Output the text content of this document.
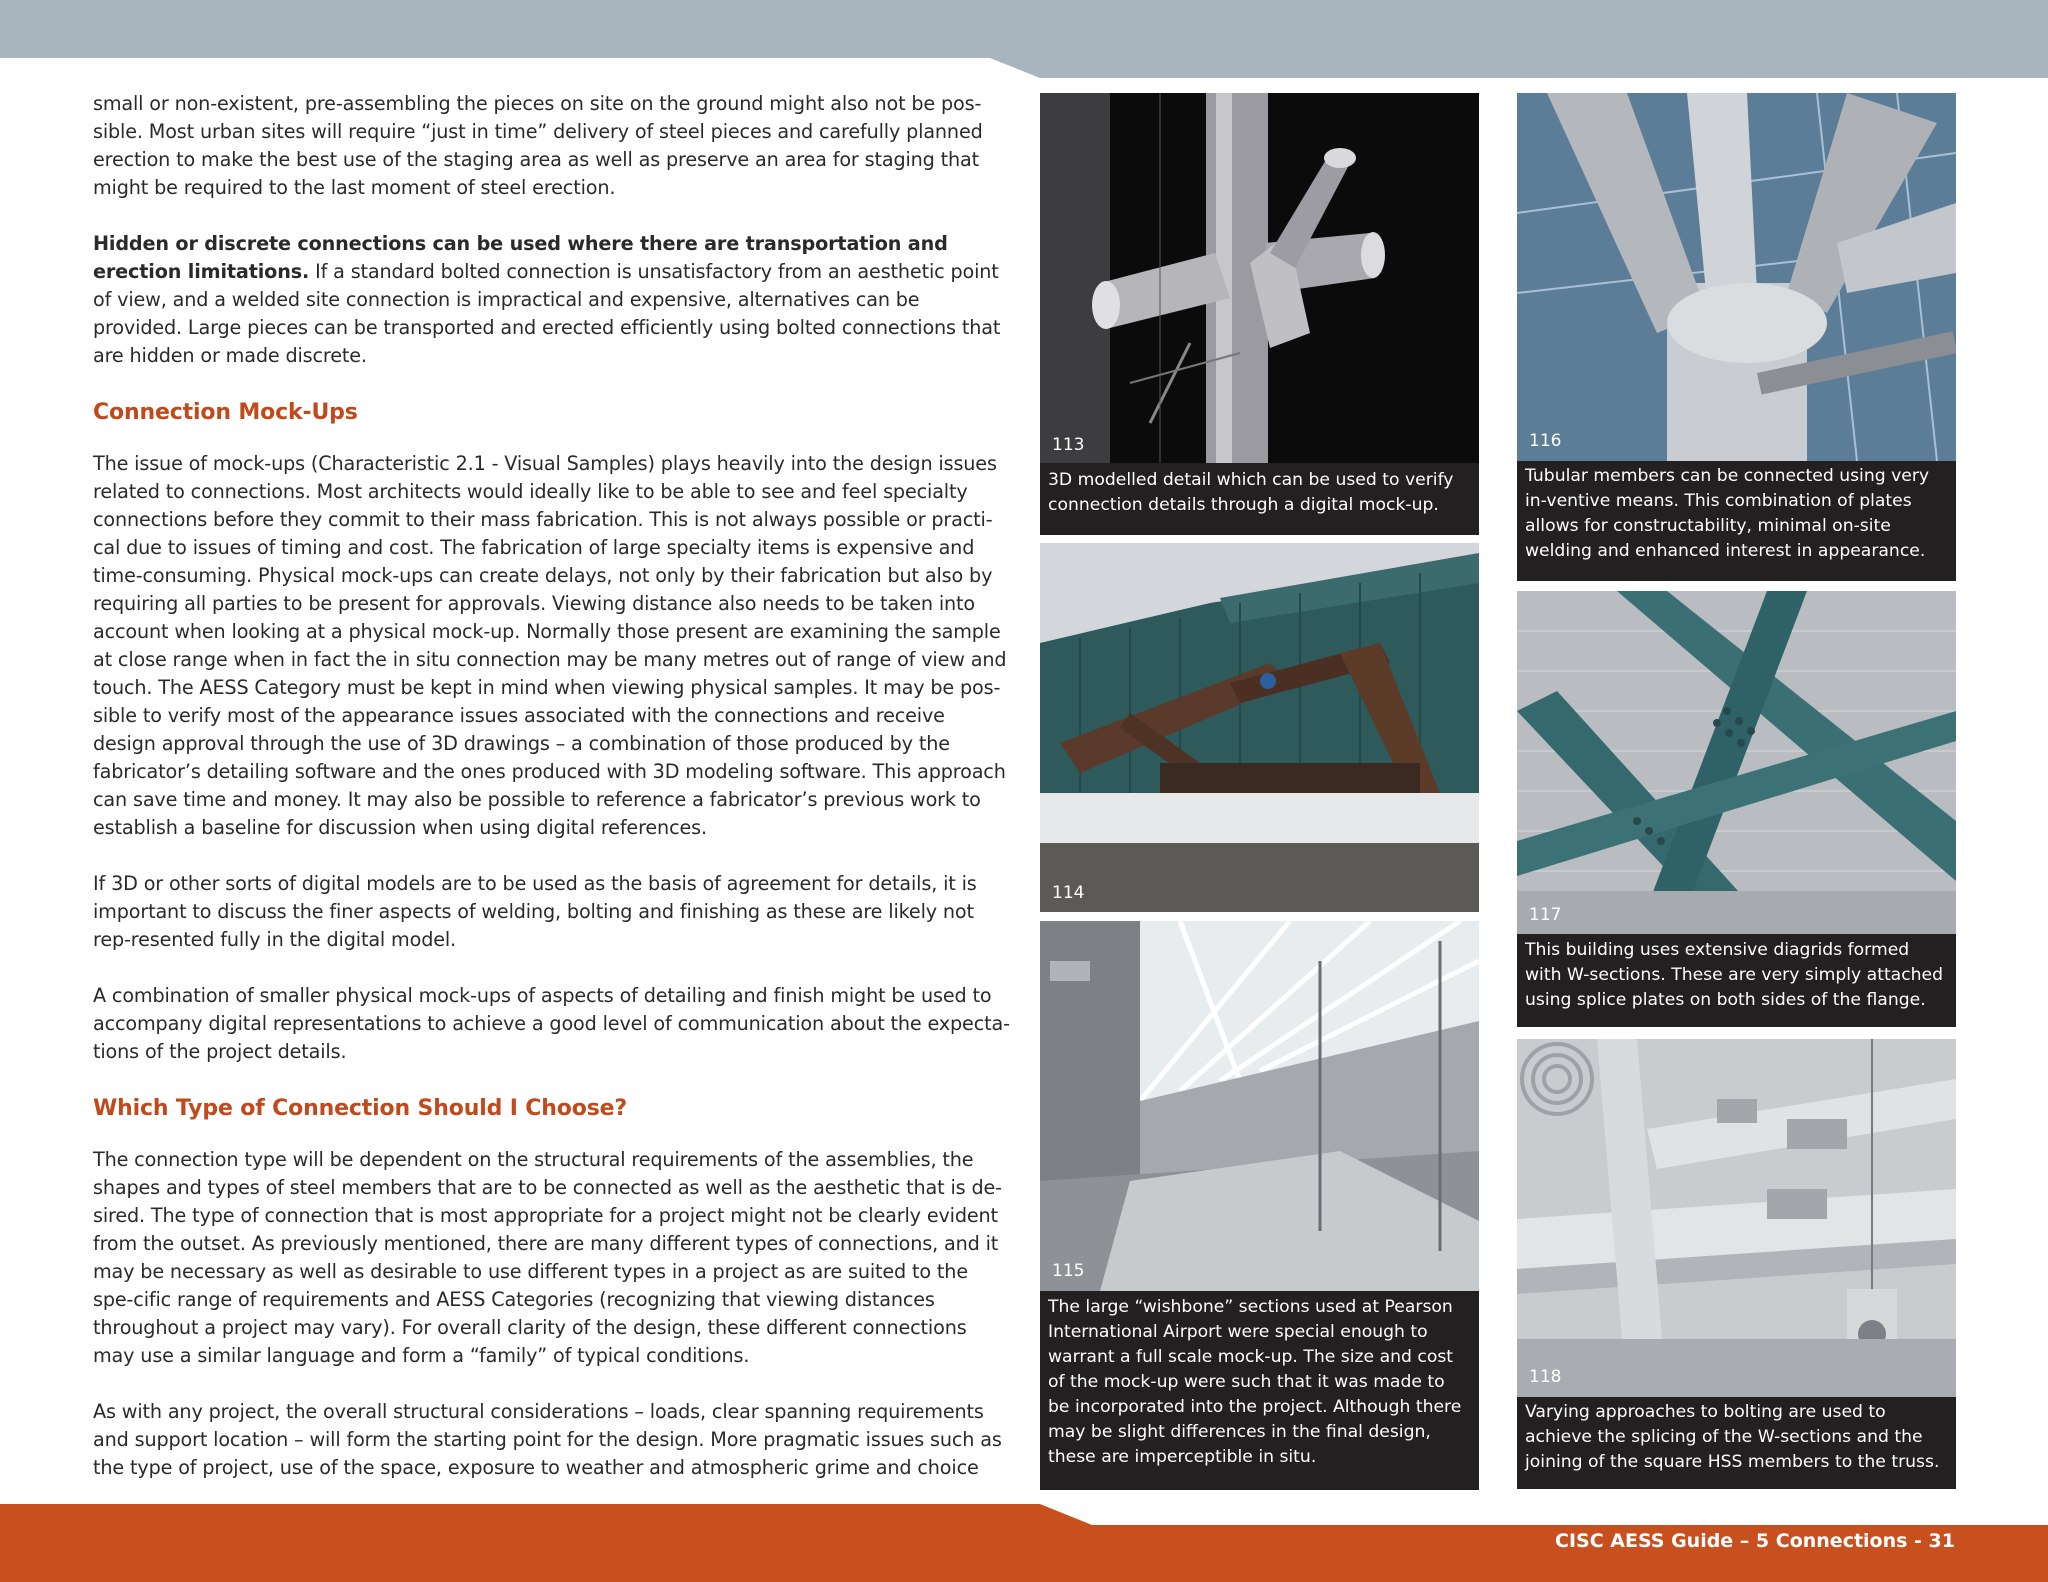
small or non-existent, pre-assembling the pieces on site on the ground might also not be pos-sible. Most urban sites will require “just in time” delivery of steel pieces and carefully planned erection to make the best use of the staging area as well as preserve an area for staging that might be required to the last moment of steel erection.

Hidden or discrete connections can be used where there are transportation and erection limitations. If a standard bolted connection is unsatisfactory from an aesthetic point of view, and a welded site connection is impractical and expensive, alternatives can be provided. Large pieces can be transported and erected efficiently using bolted connections that are hidden or made discrete.

Connection Mock-Ups

The issue of mock-ups (Characteristic 2.1 - Visual Samples) plays heavily into the design issues related to connections. Most architects would ideally like to be able to see and feel specialty connections before they commit to their mass fabrication. This is not always possible or practi-cal due to issues of timing and cost. The fabrication of large specialty items is expensive and time-consuming. Physical mock-ups can create delays, not only by their fabrication but also by requiring all parties to be present for approvals. Viewing distance also needs to be taken into account when looking at a physical mock-up. Normally those present are examining the sample at close range when in fact the in situ connection may be many metres out of range of view and touch. The AESS Category must be kept in mind when viewing physical samples. It may be pos-sible to verify most of the appearance issues associated with the connections and receive design approval through the use of 3D drawings – a combination of those produced by the fabricator’s detailing software and the ones produced with 3D modeling software. This approach can save time and money. It may also be possible to reference a fabricator’s previous work to establish a baseline for discussion when using digital references.

If 3D or other sorts of digital models are to be used as the basis of agreement for details, it is important to discuss the finer aspects of welding, bolting and finishing as these are likely not rep-resented fully in the digital model.

A combination of smaller physical mock-ups of aspects of detailing and finish might be used to accompany digital representations to achieve a good level of communication about the expecta-tions of the project details.

Which Type of Connection Should I Choose?

The connection type will be dependent on the structural requirements of the assemblies, the shapes and types of steel members that are to be connected as well as the aesthetic that is de-sired. The type of connection that is most appropriate for a project might not be clearly evident from the outset. As previously mentioned, there are many different types of connections, and it may be necessary as well as desirable to use different types in a project as are suited to the spe-cific range of requirements and AESS Categories (recognizing that viewing distances throughout a project may vary). For overall clarity of the design, these different connections may use a similar language and form a “family” of typical conditions.

As with any project, the overall structural considerations – loads, clear spanning requirements and support location – will form the starting point for the design. More pragmatic issues such as the type of project, use of the space, exposure to weather and atmospheric grime and choice

113
3D modelled detail which can be used to verify connection details through a digital mock-up.
114
115
The large “wishbone” sections used at Pearson International Airport were special enough to warrant a full scale mock-up. The size and cost of the mock-up were such that it was made to be incorporated into the project. Although there may be slight differences in the final design, these are imperceptible in situ.
116
Tubular members can be connected using very in-ventive means. This combination of plates allows for constructability, minimal on-site welding and enhanced interest in appearance.
117
This building uses extensive diagrids formed with W-sections. These are very simply attached using splice plates on both sides of the flange.
118
Varying approaches to bolting are used to achieve the splicing of the W-sections and the joining of the square HSS members to the truss.
CISC AESS Guide – 5 Connections - 31
